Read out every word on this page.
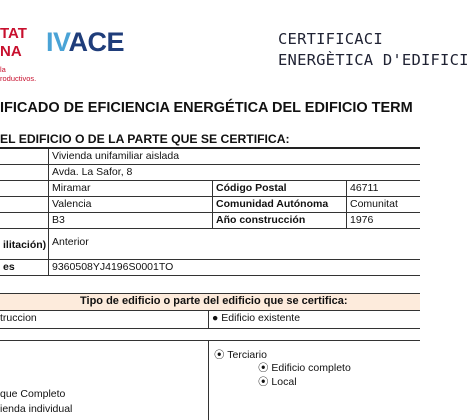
TAT
NA
la
roductivos.
IVACE	CERTIFICACI
ENERGÈTICA D'EDIFICI
IFICADO DE EFICIENCIA ENERGÉTICA DEL EDIFICIO TERM
EL EDIFICIO O DE LA PARTE QUE SE CERTIFICA:
Vivienda unifamiliar aislada
Avda. La Safor, 8
Miramar	Código Postal	46711
Valencia	Comunidad Autónoma	Comunitat
B3	Año construcción	1976
ilitación) Anterior
es	9360508YJ4196S0001TO
Tipo de edificio o parte del edificio que se certifica:
truccion	● Edificio existente
⦿ Terciario
⦿ Edificio completo
⦿ Local
que Completo
ienda individual
